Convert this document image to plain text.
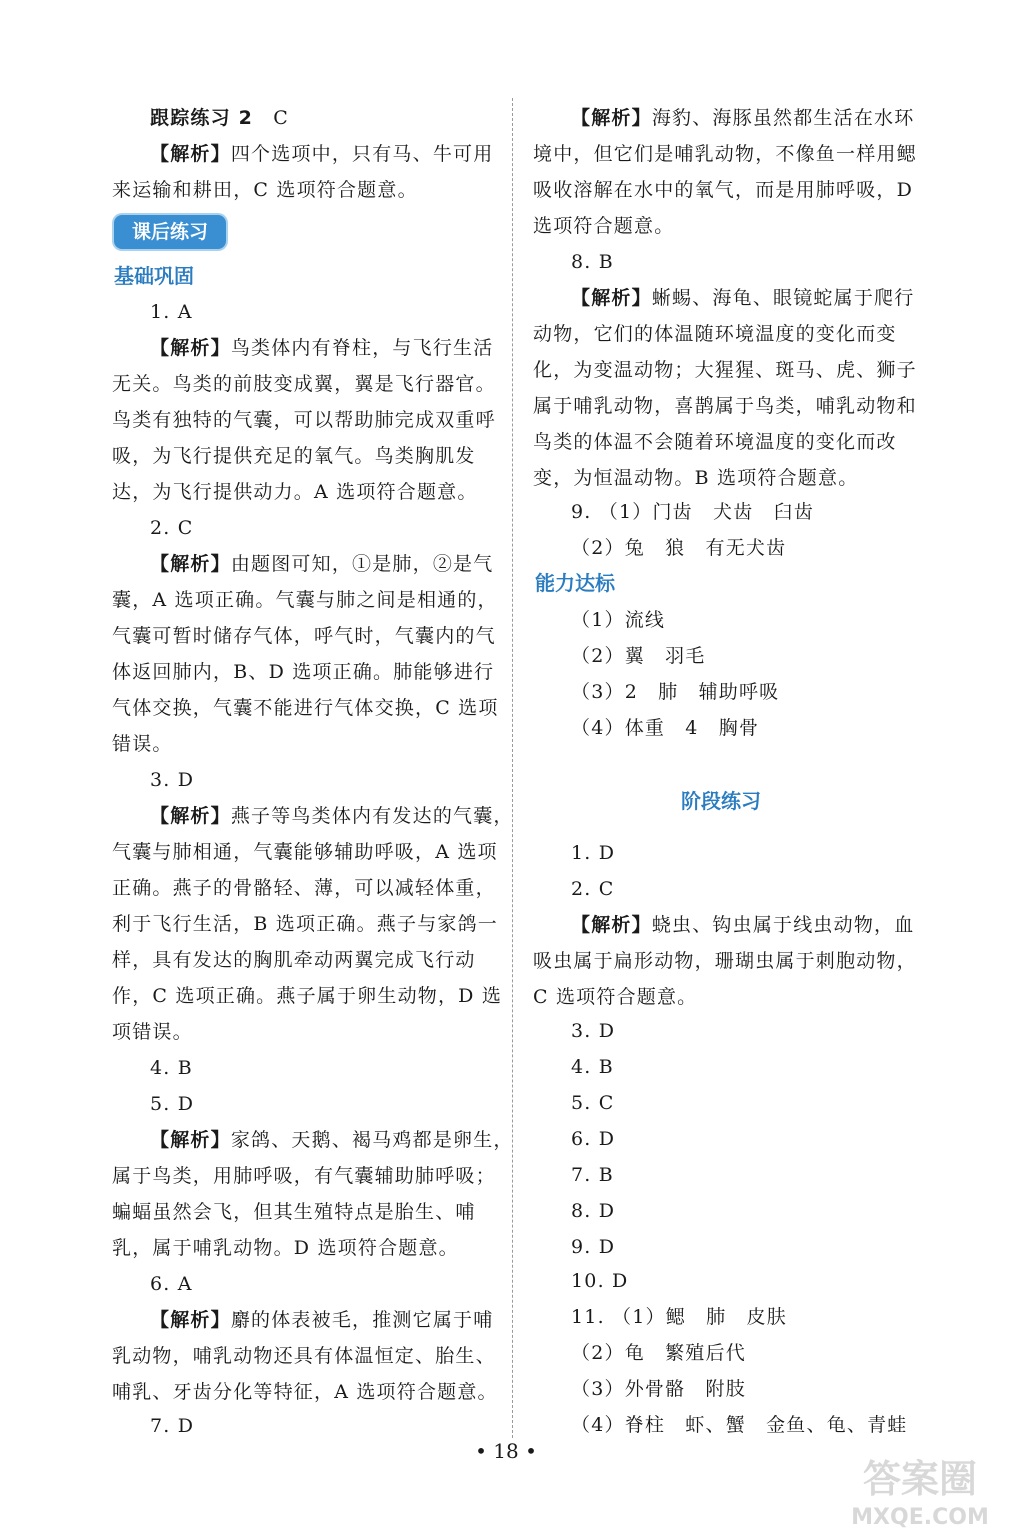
跟踪练习 2　 C
【解析】四个选项中，只有马、牛可用
来运输和耕田，C 选项符合题意。
课后练习
基础巩固
1. A
【解析】鸟类体内有脊柱，与飞行生活
无关。鸟类的前肢变成翼，翼是飞行器官。
鸟类有独特的气囊，可以帮助肺完成双重呼
吸，为飞行提供充足的氧气。鸟类胸肌发
达，为飞行提供动力。A 选项符合题意。
2. C
【解析】由题图可知，①是肺，②是气
囊，A 选项正确。气囊与肺之间是相通的，
气囊可暂时储存气体，呼气时，气囊内的气
体返回肺内，B、D 选项正确。肺能够进行
气体交换，气囊不能进行气体交换，C 选项
错误。
3. D
【解析】燕子等鸟类体内有发达的气囊，
气囊与肺相通，气囊能够辅助呼吸，A 选项
正确。燕子的骨骼轻、薄，可以减轻体重，
利于飞行生活，B 选项正确。燕子与家鸽一
样，具有发达的胸肌牵动两翼完成飞行动
作，C 选项正确。燕子属于卵生动物，D 选
项错误。
4. B
5. D
【解析】家鸽、天鹅、褐马鸡都是卵生，
属于鸟类，用肺呼吸，有气囊辅助肺呼吸；
蝙蝠虽然会飞，但其生殖特点是胎生、哺
乳，属于哺乳动物。D 选项符合题意。
6. A
【解析】麝的体表被毛，推测它属于哺
乳动物，哺乳动物还具有体温恒定、胎生、
哺乳、牙齿分化等特征，A 选项符合题意。
7. D
【解析】海豹、海豚虽然都生活在水环
境中，但它们是哺乳动物，不像鱼一样用鳃
吸收溶解在水中的氧气，而是用肺呼吸，D
选项符合题意。
8. B
【解析】蜥蜴、海龟、眼镜蛇属于爬行
动物，它们的体温随环境温度的变化而变
化，为变温动物；大猩猩、斑马、虎、狮子
属于哺乳动物，喜鹊属于鸟类，哺乳动物和
鸟类的体温不会随着环境温度的变化而改
变，为恒温动物。B 选项符合题意。
9. （1）门齿　犬齿　臼齿
（2）兔　狼　有无犬齿
能力达标
（1）流线
（2）翼　羽毛
（3）2　肺　辅助呼吸
（4）体重　4　胸骨
阶段练习
1. D
2. C
【解析】蛲虫、钩虫属于线虫动物，血
吸虫属于扁形动物，珊瑚虫属于刺胞动物，
C 选项符合题意。
3. D
4. B
5. C
6. D
7. B
8. D
9. D
10. D
11. （1）鳃　肺　皮肤
（2）龟　繁殖后代
（3）外骨骼　附肢
（4）脊柱　虾、蟹　金鱼、龟、青蛙
• 18 •
答案圈
MXQE.COM
